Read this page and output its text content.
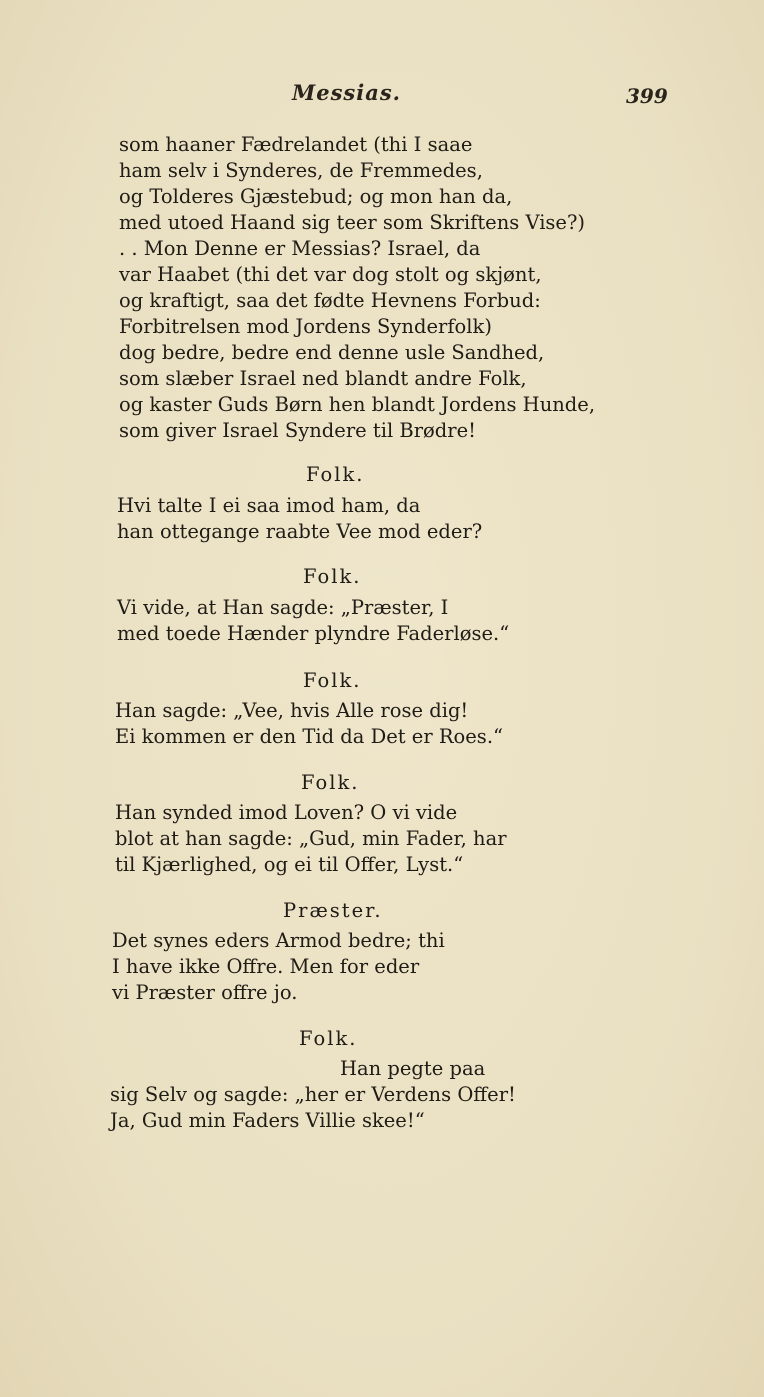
Messias.	399
som haaner Fædrelandet (thi I saae
ham selv i Synderes, de Fremmedes,
og Tolderes Gjæstebud; og mon han da,
med utoed Haand sig teer som Skriftens Vise?)
. . Mon Denne er Messias? Israel, da
var Haabet (thi det var dog stolt og skjønt,
og kraftigt, saa det fødte Hevnens Forbud:
Forbitrelsen mod Jordens Synderfolk)
dog bedre, bedre end denne usle Sandhed,
som slæber Israel ned blandt andre Folk,
og kaster Guds Børn hen blandt Jordens Hunde,
som giver Israel Syndere til Brødre!
Folk.
Hvi talte I ei saa imod ham, da
han ottegange raabte Vee mod eder?
Folk.
Vi vide, at Han sagde: „Præster, I
med toede Hænder plyndre Faderløse.“
Folk.
Han sagde: „Vee, hvis Alle rose dig!
Ei kommen er den Tid da Det er Roes.“
Folk.
Han synded imod Loven? O vi vide
blot at han sagde: „Gud, min Fader, har
til Kjærlighed, og ei til Offer, Lyst.“
Præster.
Det synes eders Armod bedre; thi
I have ikke Offre. Men for eder
vi Præster offre jo.
Folk.
Han pegte paa
sig Selv og sagde: „her er Verdens Offer!
Ja, Gud min Faders Villie skee!“
